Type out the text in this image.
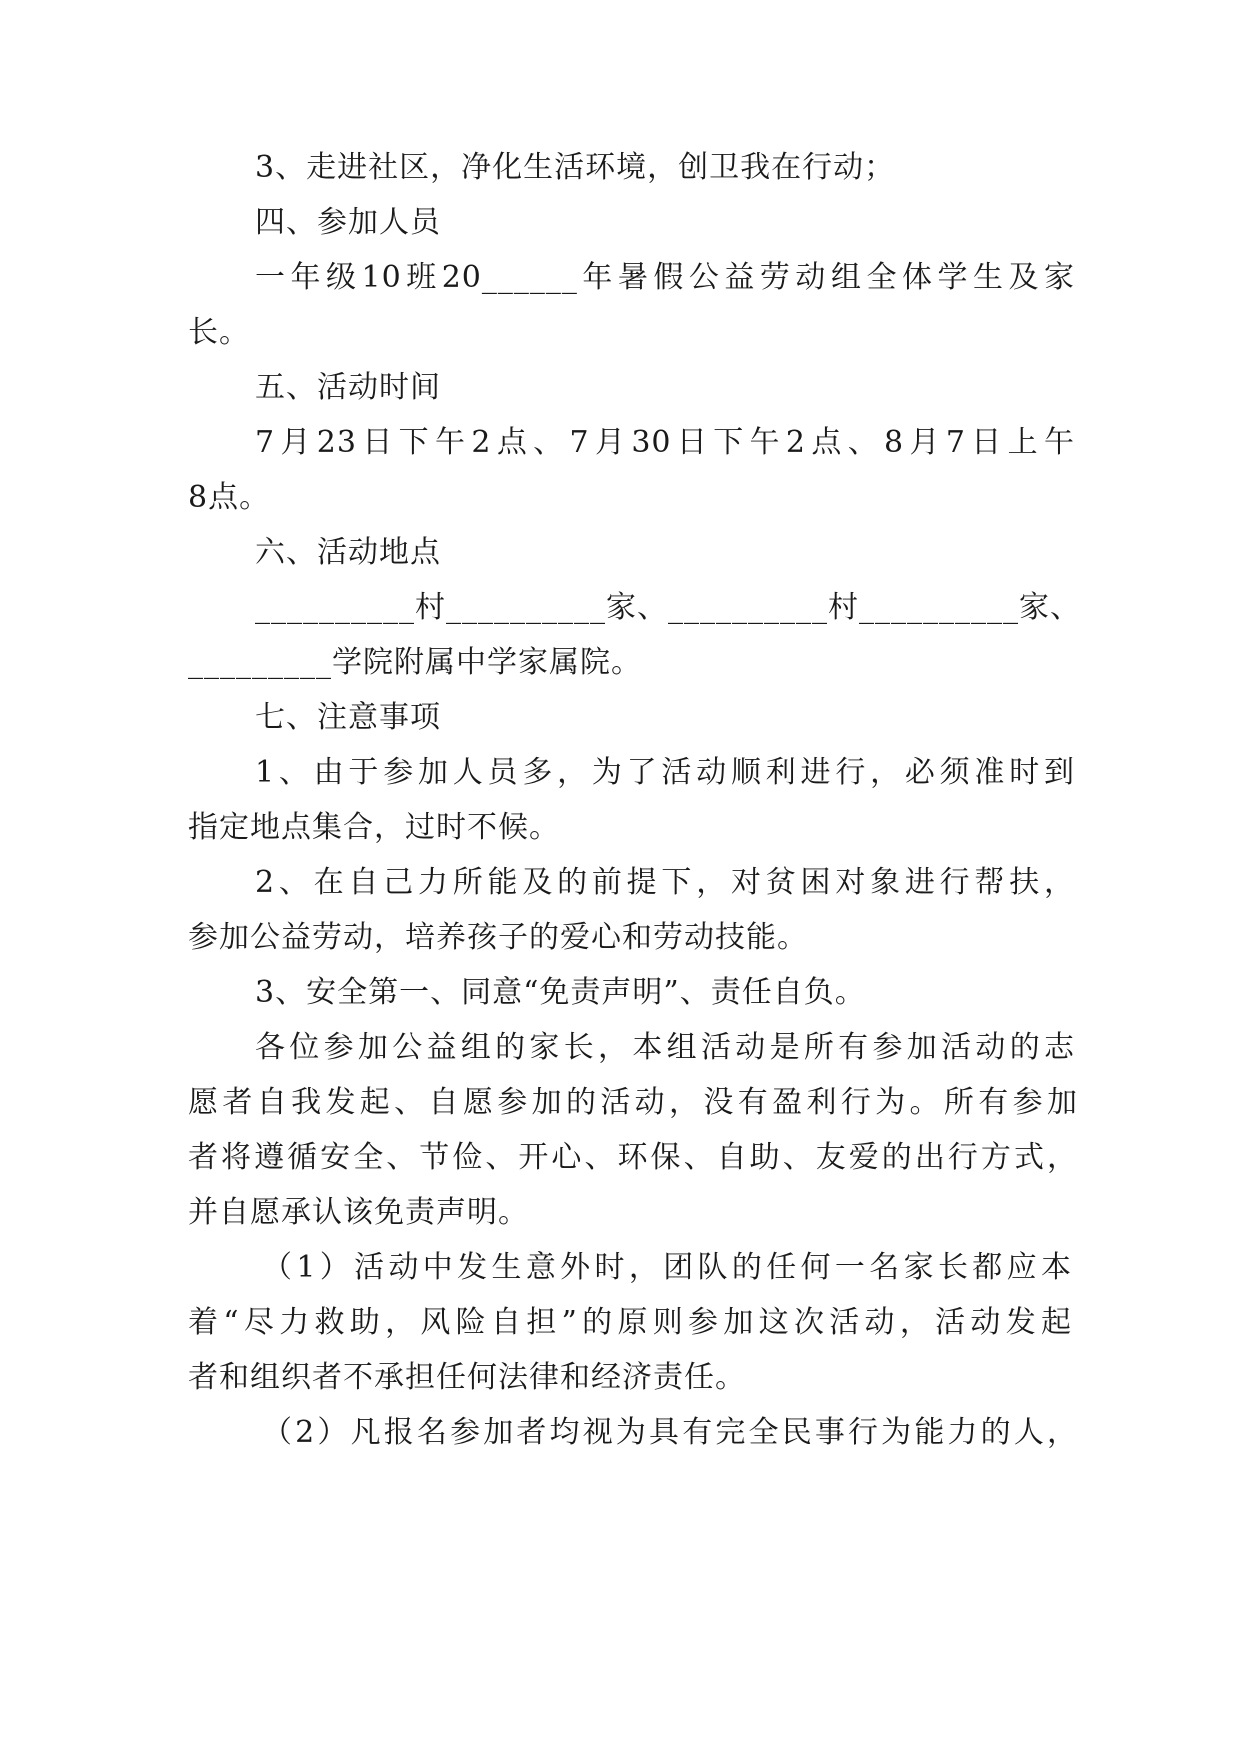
3、走进社区，净化生活环境，创卫我在行动；
四、参加人员
一年级10班20______年暑假公益劳动组全体学生及家
长。
五、活动时间
7月23日下午2点、7月30日下午2点、8月7日上午
8点。
六、活动地点
__________村__________家、__________村__________家、
_________学院附属中学家属院。
七、注意事项
1、由于参加人员多，为了活动顺利进行，必须准时到
指定地点集合，过时不候。
2、在自己力所能及的前提下，对贫困对象进行帮扶，
参加公益劳动，培养孩子的爱心和劳动技能。
3、安全第一、同意“免责声明”、责任自负。
各位参加公益组的家长，本组活动是所有参加活动的志
愿者自我发起、自愿参加的活动，没有盈利行为。所有参加
者将遵循安全、节俭、开心、环保、自助、友爱的出行方式，
并自愿承认该免责声明。
（1）活动中发生意外时，团队的任何一名家长都应本
着“尽力救助，风险自担”的原则参加这次活动，活动发起
者和组织者不承担任何法律和经济责任。
（2）凡报名参加者均视为具有完全民事行为能力的人，
